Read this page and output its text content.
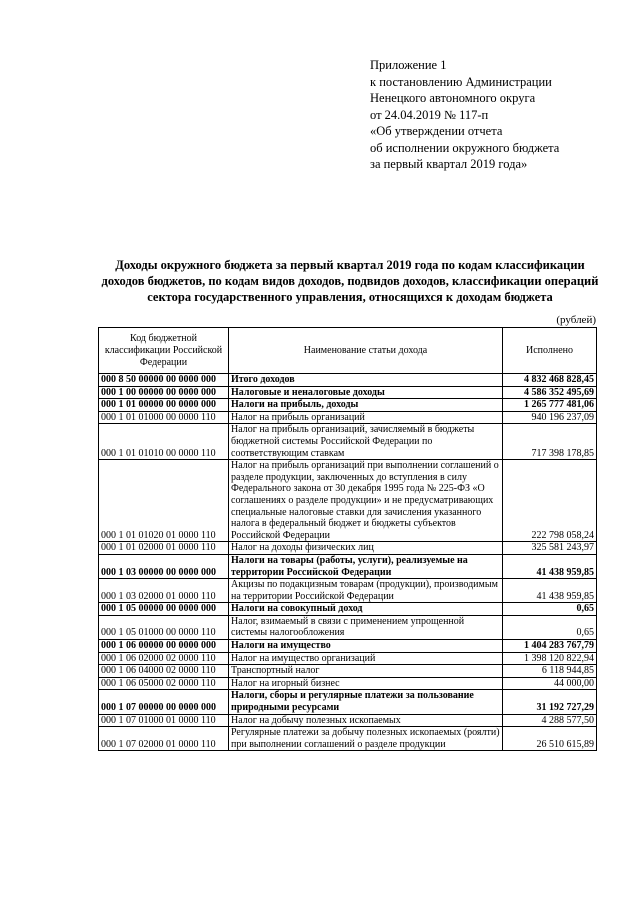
Приложение 1
к постановлению Администрации
Ненецкого автономного округа
от 24.04.2019 № 117-п
«Об утверждении отчета
об исполнении окружного бюджета
за первый квартал 2019 года»
Доходы окружного бюджета за первый квартал 2019 года по кодам классификации
доходов бюджетов, по кодам видов доходов, подвидов доходов, классификации операций
сектора государственного управления, относящихся к доходам бюджета
(рублей)
Код бюджетной классификации Российской Федерации	Наименование статьи дохода	Исполнено
000 8 50 00000 00 0000 000	Итого доходов	4 832 468 828,45
000 1 00 00000 00 0000 000	Налоговые и неналоговые доходы	4 586 352 495,69
000 1 01 00000 00 0000 000	Налоги на прибыль, доходы	1 265 777 481,06
000 1 01 01000 00 0000 110	Налог на прибыль организаций	940 196 237,09
000 1 01 01010 00 0000 110	Налог на прибыль организаций, зачисляемый в бюджеты бюджетной системы Российской Федерации по соответствующим ставкам	717 398 178,85
000 1 01 01020 01 0000 110	Налог на прибыль организаций при выполнении соглашений о разделе продукции, заключенных до вступления в силу Федерального закона от 30 декабря 1995 года № 225-ФЗ «О соглашениях о разделе продукции» и не предусматривающих специальные налоговые ставки для зачисления указанного налога в федеральный бюджет и бюджеты субъектов Российской Федерации	222 798 058,24
000 1 01 02000 01 0000 110	Налог на доходы физических лиц	325 581 243,97
000 1 03 00000 00 0000 000	Налоги на товары (работы, услуги), реализуемые на территории Российской Федерации	41 438 959,85
000 1 03 02000 01 0000 110	Акцизы по подакцизным товарам (продукции), производимым на территории Российской Федерации	41 438 959,85
000 1 05 00000 00 0000 000	Налоги на совокупный доход	0,65
000 1 05 01000 00 0000 110	Налог, взимаемый в связи с применением упрощенной системы налогообложения	0,65
000 1 06 00000 00 0000 000	Налоги на имущество	1 404 283 767,79
000 1 06 02000 02 0000 110	Налог на имущество организаций	1 398 120 822,94
000 1 06 04000 02 0000 110	Транспортный налог	6 118 944,85
000 1 06 05000 02 0000 110	Налог на игорный бизнес	44 000,00
000 1 07 00000 00 0000 000	Налоги, сборы и регулярные платежи за пользование природными ресурсами	31 192 727,29
000 1 07 01000 01 0000 110	Налог на добычу полезных ископаемых	4 288 577,50
000 1 07 02000 01 0000 110	Регулярные платежи за добычу полезных ископаемых (роялти) при выполнении соглашений о разделе продукции	26 510 615,89
